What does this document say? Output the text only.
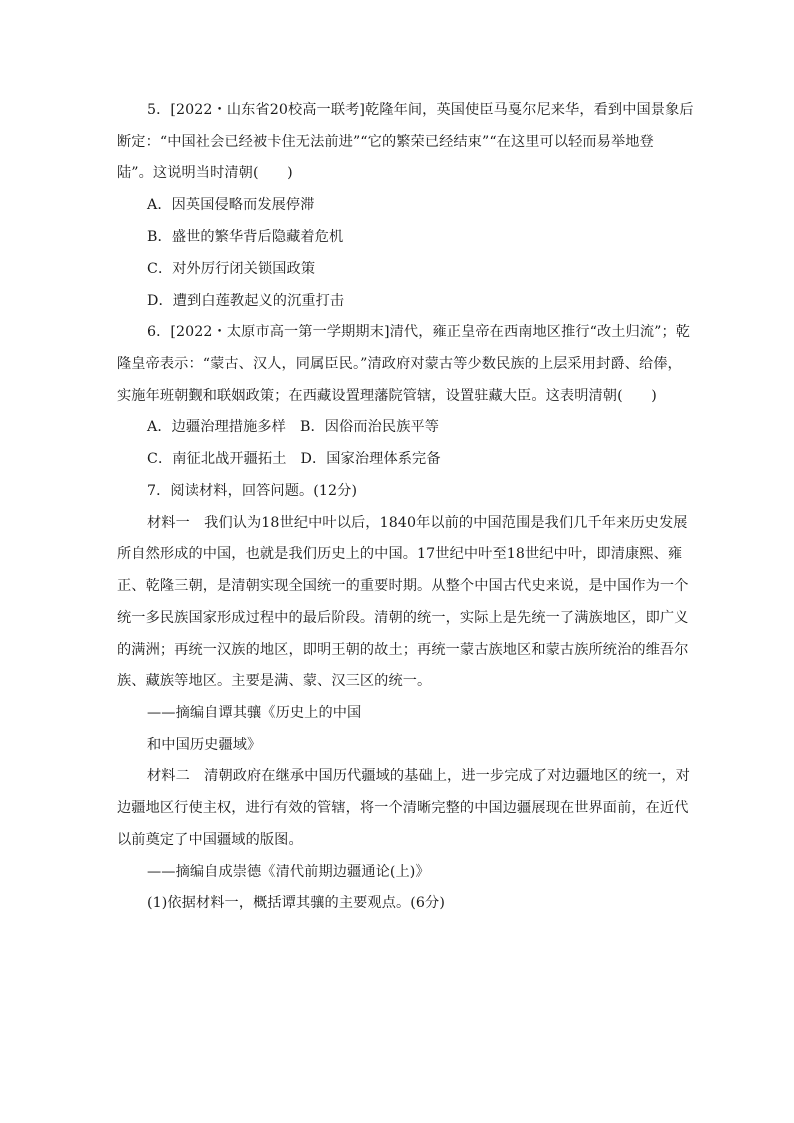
5．[2022・山东省20校高一联考]乾隆年间，英国使臣马戛尔尼来华，看到中国景象后
断定：“中国社会已经被卡住无法前进”“它的繁荣已经结束”“在这里可以轻而易举地登
陆”。这说明当时清朝(　　)
A．因英国侵略而发展停滞
B．盛世的繁华背后隐藏着危机
C．对外厉行闭关锁国政策
D．遭到白莲教起义的沉重打击
6．[2022・太原市高一第一学期期末]清代，雍正皇帝在西南地区推行“改土归流”；乾
隆皇帝表示：“蒙古、汉人，同属臣民。”清政府对蒙古等少数民族的上层采用封爵、给俸，
实施年班朝觐和联姻政策；在西藏设置理藩院管辖，设置驻藏大臣。这表明清朝(　　)
A．边疆治理措施多样 B．因俗而治民族平等
C．南征北战开疆拓土 D．国家治理体系完备
7．阅读材料，回答问题。(12分)
材料一　我们认为18世纪中叶以后，1840年以前的中国范围是我们几千年来历史发展
所自然形成的中国，也就是我们历史上的中国。17世纪中叶至18世纪中叶，即清康熙、雍
正、乾隆三朝，是清朝实现全国统一的重要时期。从整个中国古代史来说，是中国作为一个
统一多民族国家形成过程中的最后阶段。清朝的统一，实际上是先统一了满族地区，即广义
的满洲；再统一汉族的地区，即明王朝的故土；再统一蒙古族地区和蒙古族所统治的维吾尔
族、藏族等地区。主要是满、蒙、汉三区的统一。
——摘编自谭其骧《历史上的中国
和中国历史疆域》
材料二　清朝政府在继承中国历代疆域的基础上，进一步完成了对边疆地区的统一，对
边疆地区行使主权，进行有效的管辖，将一个清晰完整的中国边疆展现在世界面前，在近代
以前奠定了中国疆域的版图。
——摘编自成崇德《清代前期边疆通论(上)》
(1)依据材料一，概括谭其骧的主要观点。(6分)
